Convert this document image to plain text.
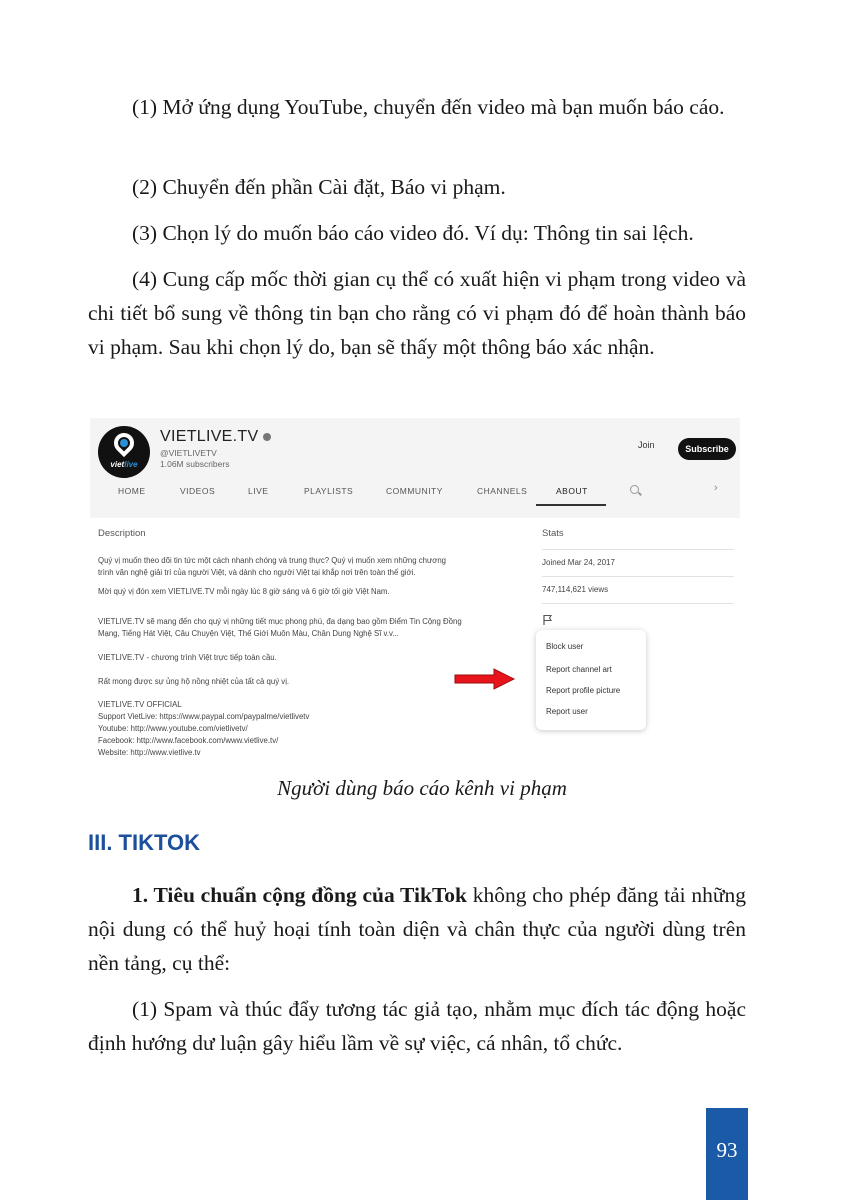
(1) Mở ứng dụng YouTube, chuyển đến video mà bạn muốn báo cáo.
(2) Chuyển đến phần Cài đặt, Báo vi phạm.
(3) Chọn lý do muốn báo cáo video đó. Ví dụ: Thông tin sai lệch.
(4) Cung cấp mốc thời gian cụ thể có xuất hiện vi phạm trong video và chi tiết bổ sung về thông tin bạn cho rằng có vi phạm đó để hoàn thành báo vi phạm. Sau khi chọn lý do, bạn sẽ thấy một thông báo xác nhận.
vietlive
VIETLIVE.TV
@VIETLIVETV
1.06M subscribers
Join	Subscribe
HOME	VIDEOS	LIVE	PLAYLISTS	COMMUNITY	CHANNELS	ABOUT	›
Description
Quý vị muốn theo dõi tin tức một cách nhanh chóng và trung thực? Quý vị muốn xem những chương
trình văn nghệ giải trí của người Việt, và dành cho người Việt tại khắp nơi trên toàn thế giới.
Mời quý vị đón xem VIETLIVE.TV mỗi ngày lúc 8 giờ sáng và 6 giờ tối giờ Việt Nam.
VIETLIVE.TV sẽ mang đến cho quý vị những tiết mục phong phú, đa dạng bao gồm Điểm Tin Cộng Đồng
Mạng, Tiếng Hát Việt, Câu Chuyện Việt, Thế Giới Muôn Màu, Chân Dung Nghệ Sĩ v.v...
VIETLIVE.TV - chương trình Việt trực tiếp toàn cầu.
Rất mong được sự ủng hộ nồng nhiệt của tất cả quý vị.
VIETLIVE.TV OFFICIAL
Support VietLive: https://www.paypal.com/paypalme/vietlivetv
Youtube: http://www.youtube.com/vietlivetv/
Facebook: http://www.facebook.com/www.vietlive.tv/
Website: http://www.vietlive.tv
Stats
Joined Mar 24, 2017
747,114,621 views
Block user
Report channel art
Report profile picture
Report user
Người dùng báo cáo kênh vi phạm
III. TIKTOK
1. Tiêu chuẩn cộng đồng của TikTok không cho phép đăng tải những nội dung có thể huỷ hoại tính toàn diện và chân thực của người dùng trên nền tảng, cụ thể:
(1) Spam và thúc đẩy tương tác giả tạo, nhằm mục đích tác động hoặc định hướng dư luận gây hiểu lầm về sự việc, cá nhân, tổ chức.
93
